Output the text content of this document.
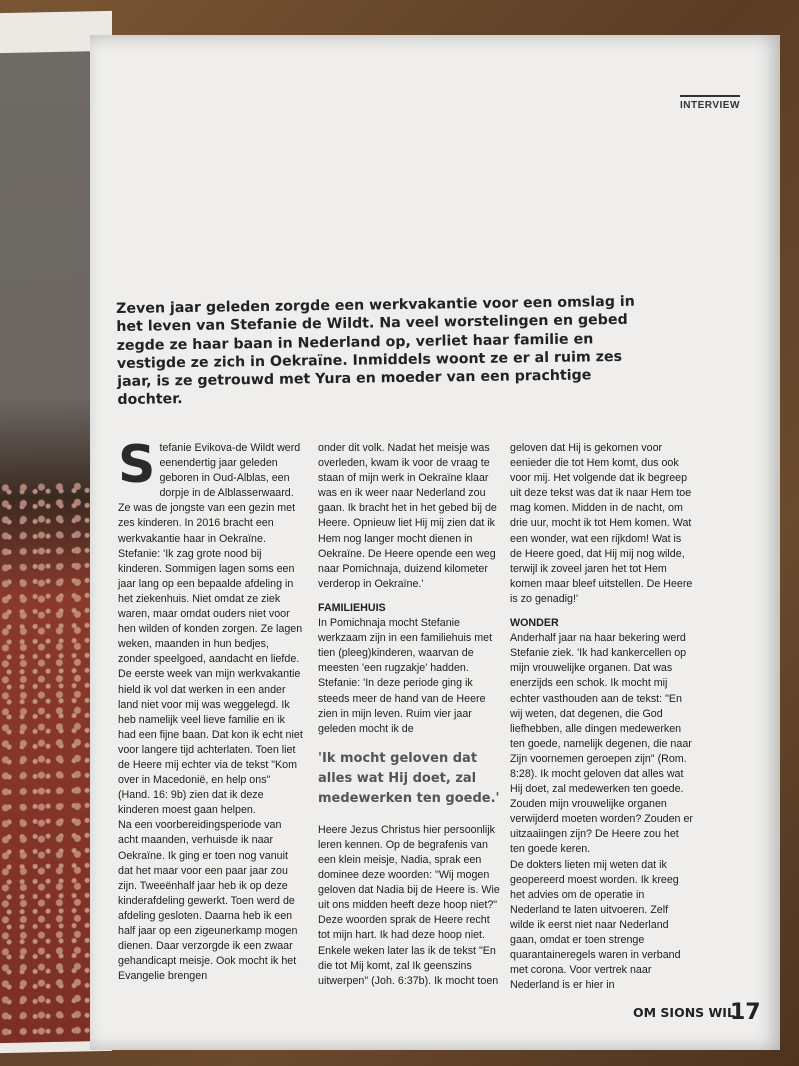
INTERVIEW
Zeven jaar geleden zorgde een werkvakantie voor een omslag in het leven van Stefanie de Wildt. Na veel worstelingen en gebed zegde ze haar baan in Nederland op, verliet haar familie en vestigde ze zich in Oekraïne. Inmiddels woont ze er al ruim zes jaar, is ze getrouwd met Yura en moeder van een prachtige dochter.
S tefanie Evikova-de Wildt werd eenendertig jaar geleden geboren in Oud-Alblas, een dorpje in de Alblasserwaard. Ze was de jongste van een gezin met zes kinderen. In 2016 bracht een werkvakantie haar in Oekraïne. Stefanie: 'Ik zag grote nood bij kinderen. Sommigen lagen soms een jaar lang op een bepaalde afdeling in het ziekenhuis. Niet omdat ze ziek waren, maar omdat ouders niet voor hen wilden of konden zorgen. Ze lagen weken, maanden in hun bedjes, zonder speelgoed, aandacht en liefde.

De eerste week van mijn werkvakantie hield ik vol dat werken in een ander land niet voor mij was weggelegd. Ik heb namelijk veel lieve familie en ik had een fijne baan. Dat kon ik echt niet voor langere tijd achterlaten. Toen liet de Heere mij echter via de tekst "Kom over in Macedonië, en help ons" (Hand. 16: 9b) zien dat ik deze kinderen moest gaan helpen.

Na een voorbereidingsperiode van acht maanden, verhuisde ik naar Oekraïne. Ik ging er toen nog vanuit dat het maar voor een paar jaar zou zijn. Tweeënhalf jaar heb ik op deze kinderafdeling gewerkt. Toen werd de afdeling gesloten. Daarna heb ik een half jaar op een zigeunerkamp mogen dienen. Daar verzorgde ik een zwaar gehandicapt meisje. Ook mocht ik het Evangelie brengen

onder dit volk. Nadat het meisje was overleden, kwam ik voor de vraag te staan of mijn werk in Oekraïne klaar was en ik weer naar Nederland zou gaan. Ik bracht het in het gebed bij de Heere. Opnieuw liet Hij mij zien dat ik Hem nog langer mocht dienen in Oekraïne. De Heere opende een weg naar Pomichnaja, duizend kilometer verderop in Oekraïne.'

FAMILIEHUIS

In Pomichnaja mocht Stefanie werkzaam zijn in een familiehuis met tien (pleeg)kinderen, waarvan de meesten 'een rugzakje' hadden. Stefanie: 'In deze periode ging ik steeds meer de hand van de Heere zien in mijn leven. Ruim vier jaar geleden mocht ik de

'Ik mocht geloven dat alles wat Hij doet, zal medewerken ten goede.'

Heere Jezus Christus hier persoonlijk leren kennen. Op de begrafenis van een klein meisje, Nadia, sprak een dominee deze woorden: "Wij mogen geloven dat Nadia bij de Heere is. Wie uit ons midden heeft deze hoop niet?" Deze woorden sprak de Heere recht tot mijn hart. Ik had deze hoop niet. Enkele weken later las ik de tekst "En die tot Mij komt, zal Ik geenszins uitwerpen" (Joh. 6:37b). Ik mocht toen

geloven dat Hij is gekomen voor eenieder die tot Hem komt, dus ook voor mij. Het volgende dat ik begreep uit deze tekst was dat ik naar Hem toe mag komen. Midden in de nacht, om drie uur, mocht ik tot Hem komen. Wat een wonder, wat een rijkdom! Wat is de Heere goed, dat Hij mij nog wilde, terwijl ik zoveel jaren het tot Hem komen maar bleef uitstellen. De Heere is zo genadig!'

WONDER

Anderhalf jaar na haar bekering werd Stefanie ziek. 'Ik had kankercellen op mijn vrouwelijke organen. Dat was enerzijds een schok. Ik mocht mij echter vasthouden aan de tekst: "En wij weten, dat degenen, die God liefhebben, alle dingen medewerken ten goede, namelijk degenen, die naar Zijn voornemen geroepen zijn" (Rom. 8:28). Ik mocht geloven dat alles wat Hij doet, zal medewerken ten goede. Zouden mijn vrouwelijke organen verwijderd moeten worden? Zouden er uitzaaiingen zijn? De Heere zou het ten goede keren.

De dokters lieten mij weten dat ik geopereerd moest worden. Ik kreeg het advies om de operatie in Nederland te laten uitvoeren. Zelf wilde ik eerst niet naar Nederland gaan, omdat er toen strenge quarantaineregels waren in verband met corona. Voor vertrek naar Nederland is er hier in

OM SIONS WIL
17
